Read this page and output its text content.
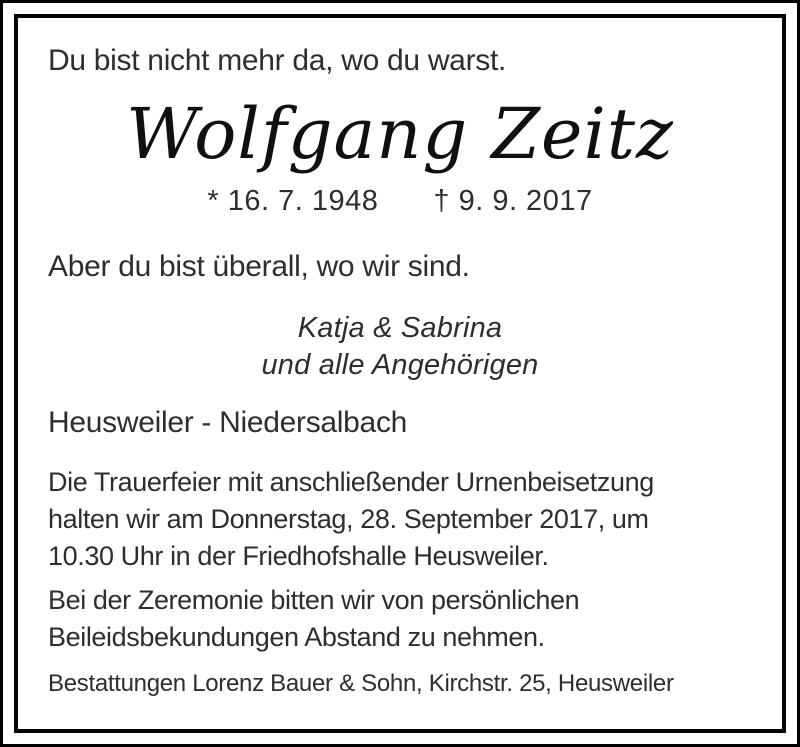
Du bist nicht mehr da, wo du warst.
Wolfgang Zeitz
* 16. 7. 1948 † 9. 9. 2017
Aber du bist überall, wo wir sind.
Katja & Sabrina
und alle Angehörigen
Heusweiler - Niedersalbach
Die Trauerfeier mit anschließender Urnenbeisetzung
halten wir am Donnerstag, 28. September 2017, um
10.30 Uhr in der Friedhofshalle Heusweiler.
Bei der Zeremonie bitten wir von persönlichen
Beileidsbekundungen Abstand zu nehmen.
Bestattungen Lorenz Bauer & Sohn, Kirchstr. 25, Heusweiler
